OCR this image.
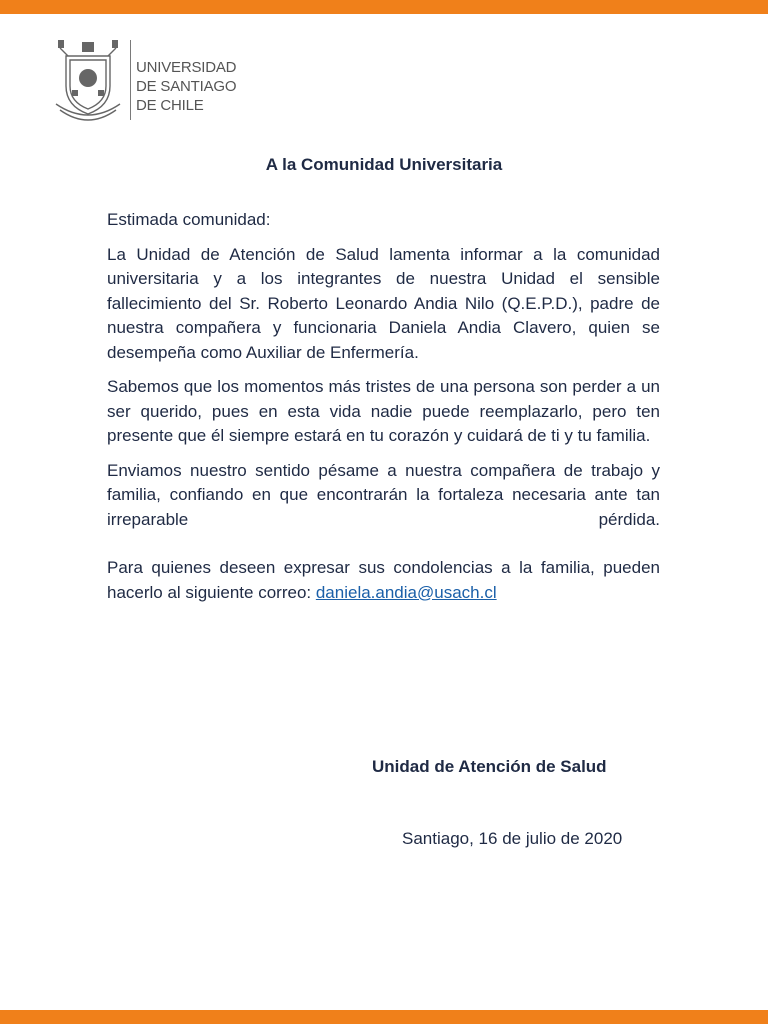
UNIVERSIDAD
DE SANTIAGO
DE CHILE
A la Comunidad Universitaria

Estimada comunidad:

La Unidad de Atención de Salud lamenta informar a la comunidad universitaria y a los integrantes de nuestra Unidad el sensible fallecimiento del Sr. Roberto Leonardo Andia Nilo (Q.E.P.D.), padre de nuestra compañera y funcionaria Daniela Andia Clavero, quien se desempeña como Auxiliar de Enfermería.

Sabemos que los momentos más tristes de una persona son perder a un ser querido, pues en esta vida nadie puede reemplazarlo, pero ten presente que él siempre estará en tu corazón y cuidará de ti y tu familia.

Enviamos nuestro sentido pésame a nuestra compañera de trabajo y familia, confiando en que encontrarán la fortaleza necesaria ante tan irreparable pérdida.

Para quienes deseen expresar sus condolencias a la familia, pueden hacerlo al siguiente correo: daniela.andia@usach.cl

Unidad de Atención de Salud
Santiago, 16 de julio de 2020
